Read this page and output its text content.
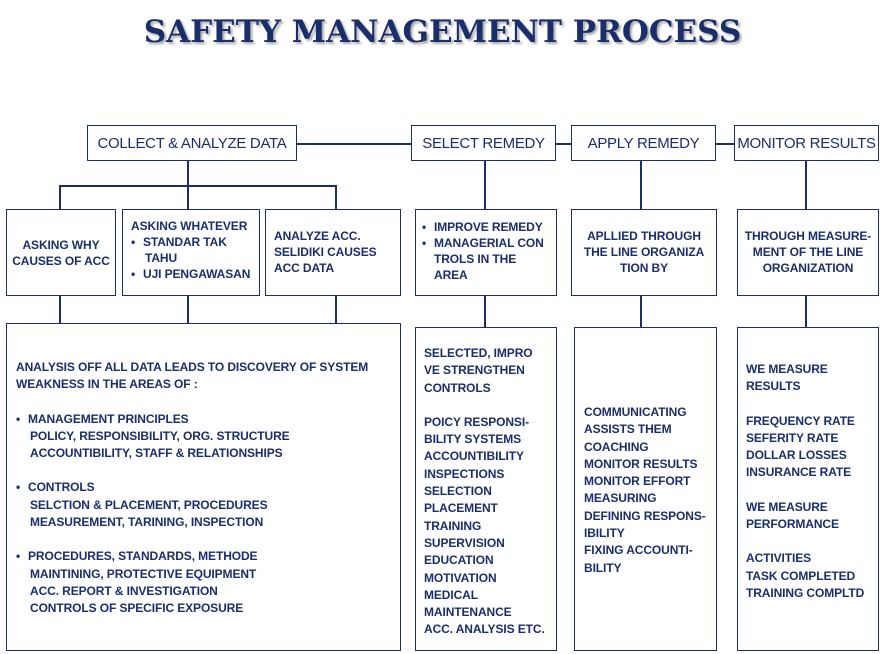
SAFETY MANAGEMENT PROCESS
COLLECT & ANALYZE DATA	SELECT REMEDY	APPLY REMEDY	MONITOR RESULTS
ASKING WHY
CAUSES OF ACC
ASKING WHATEVER
• STANDAR TAK
TAHU
• UJI PENGAWASAN
ANALYZE ACC.
SELIDIKI CAUSES
ACC DATA
• IMPROVE REMEDY
• MANAGERIAL CON
TROLS IN THE
AREA
APLLIED THROUGH
THE LINE ORGANIZA
TION BY
THROUGH MEASURE-
MENT OF THE LINE
ORGANIZATION
ANALYSIS OFF ALL DATA LEADS TO DISCOVERY OF SYSTEM
WEAKNESS IN THE AREAS OF :
• MANAGEMENT PRINCIPLES
POLICY, RESPONSIBILITY, ORG. STRUCTURE
ACCOUNTIBILITY, STAFF & RELATIONSHIPS
• CONTROLS
SELCTION & PLACEMENT, PROCEDURES
MEASUREMENT, TARINING, INSPECTION
• PROCEDURES, STANDARDS, METHODE
MAINTINING, PROTECTIVE EQUIPMENT
ACC. REPORT & INVESTIGATION
CONTROLS OF SPECIFIC EXPOSURE
SELECTED, IMPRO
VE STRENGTHEN
CONTROLS
POICY RESPONSI-
BILITY SYSTEMS
ACCOUNTIBILITY
INSPECTIONS
SELECTION
PLACEMENT
TRAINING
SUPERVISION
EDUCATION
MOTIVATION
MEDICAL
MAINTENANCE
ACC. ANALYSIS ETC.
COMMUNICATING
ASSISTS THEM
COACHING
MONITOR RESULTS
MONITOR EFFORT
MEASURING
DEFINING RESPONS-
IBILITY
FIXING ACCOUNTI-
BILITY
WE MEASURE
RESULTS
FREQUENCY RATE
SEFERITY RATE
DOLLAR LOSSES
INSURANCE RATE
WE MEASURE
PERFORMANCE
ACTIVITIES
TASK COMPLETED
TRAINING COMPLTD
